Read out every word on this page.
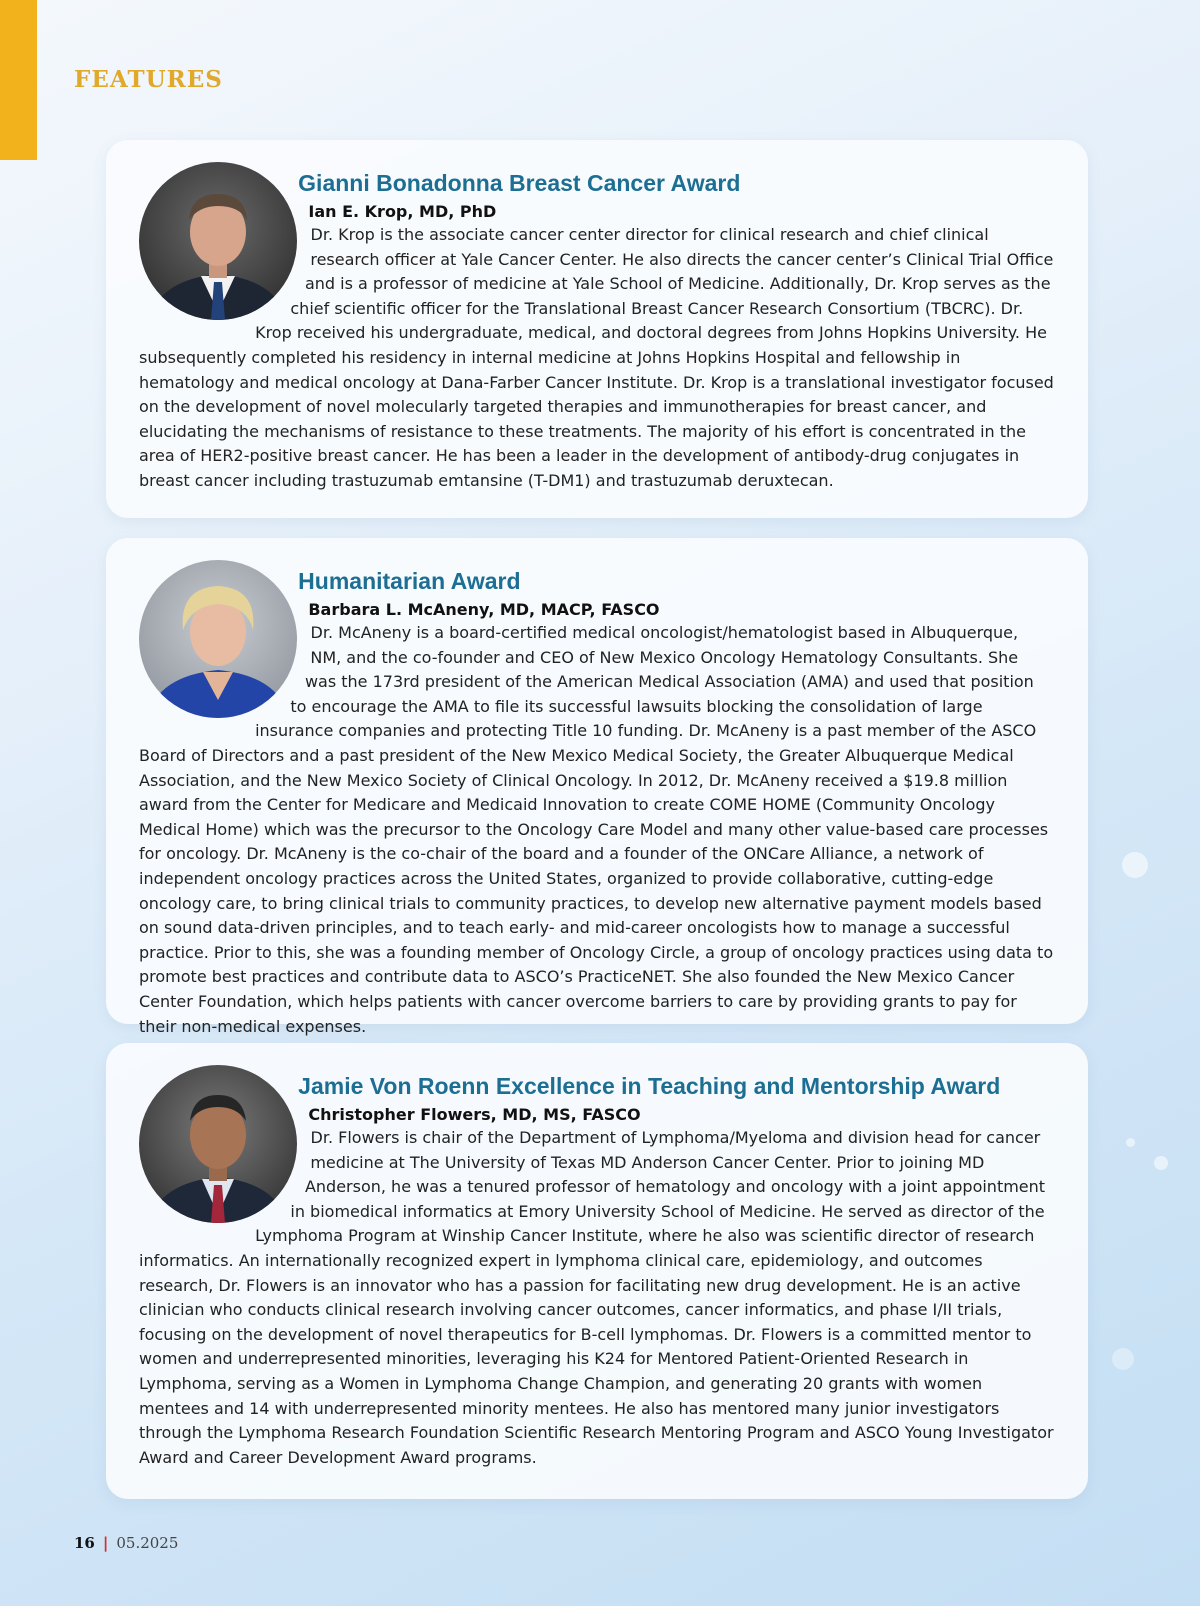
FEATURES
Gianni Bonadonna Breast Cancer Award
Ian E. Krop, MD, PhD

Dr. Krop is the associate cancer center director for clinical research and chief clinical research officer at Yale Cancer Center. He also directs the cancer center’s Clinical Trial Office and is a professor of medicine at Yale School of Medicine. Additionally, Dr. Krop serves as the chief scientific officer for the Translational Breast Cancer Research Consortium (TBCRC). Dr. Krop received his undergraduate, medical, and doctoral degrees from Johns Hopkins University. He subsequently completed his residency in internal medicine at Johns Hopkins Hospital and fellowship in hematology and medical oncology at Dana-Farber Cancer Institute. Dr. Krop is a translational investigator focused on the development of novel molecularly targeted therapies and immunotherapies for breast cancer, and elucidating the mechanisms of resistance to these treatments. The majority of his effort is concentrated in the area of HER2-positive breast cancer. He has been a leader in the development of antibody-drug conjugates in breast cancer including trastuzumab emtansine (T-DM1) and trastuzumab deruxtecan.

Humanitarian Award
Barbara L. McAneny, MD, MACP, FASCO

Dr. McAneny is a board-certified medical oncologist/hematologist based in Albuquerque, NM, and the co-founder and CEO of New Mexico Oncology Hematology Consultants. She was the 173rd president of the American Medical Association (AMA) and used that position to encourage the AMA to file its successful lawsuits blocking the consolidation of large insurance companies and protecting Title 10 funding. Dr. McAneny is a past member of the ASCO Board of Directors and a past president of the New Mexico Medical Society, the Greater Albuquerque Medical Association, and the New Mexico Society of Clinical Oncology. In 2012, Dr. McAneny received a $19.8 million award from the Center for Medicare and Medicaid Innovation to create COME HOME (Community Oncology Medical Home) which was the precursor to the Oncology Care Model and many other value-based care processes for oncology. Dr. McAneny is the co-chair of the board and a founder of the ONCare Alliance, a network of independent oncology practices across the United States, organized to provide collaborative, cutting-edge oncology care, to bring clinical trials to community practices, to develop new alternative payment models based on sound data-driven principles, and to teach early- and mid-career oncologists how to manage a successful practice. Prior to this, she was a founding member of Oncology Circle, a group of oncology practices using data to promote best practices and contribute data to ASCO’s PracticeNET. She also founded the New Mexico Cancer Center Foundation, which helps patients with cancer overcome barriers to care by providing grants to pay for their non-medical expenses.

Jamie Von Roenn Excellence in Teaching and Mentorship Award
Christopher Flowers, MD, MS, FASCO

Dr. Flowers is chair of the Department of Lymphoma/Myeloma and division head for cancer medicine at The University of Texas MD Anderson Cancer Center. Prior to joining MD Anderson, he was a tenured professor of hematology and oncology with a joint appointment in biomedical informatics at Emory University School of Medicine. He served as director of the Lymphoma Program at Winship Cancer Institute, where he also was scientific director of research informatics. An internationally recognized expert in lymphoma clinical care, epidemiology, and outcomes research, Dr. Flowers is an innovator who has a passion for facilitating new drug development. He is an active clinician who conducts clinical research involving cancer outcomes, cancer informatics, and phase I/II trials, focusing on the development of novel therapeutics for B-cell lymphomas. Dr. Flowers is a committed mentor to women and underrepresented minorities, leveraging his K24 for Mentored Patient-Oriented Research in Lymphoma, serving as a Women in Lymphoma Change Champion, and generating 20 grants with women mentees and 14 with underrepresented minority mentees. He also has mentored many junior investigators through the Lymphoma Research Foundation Scientific Research Mentoring Program and ASCO Young Investigator Award and Career Development Award programs.

16 | 05.2025
